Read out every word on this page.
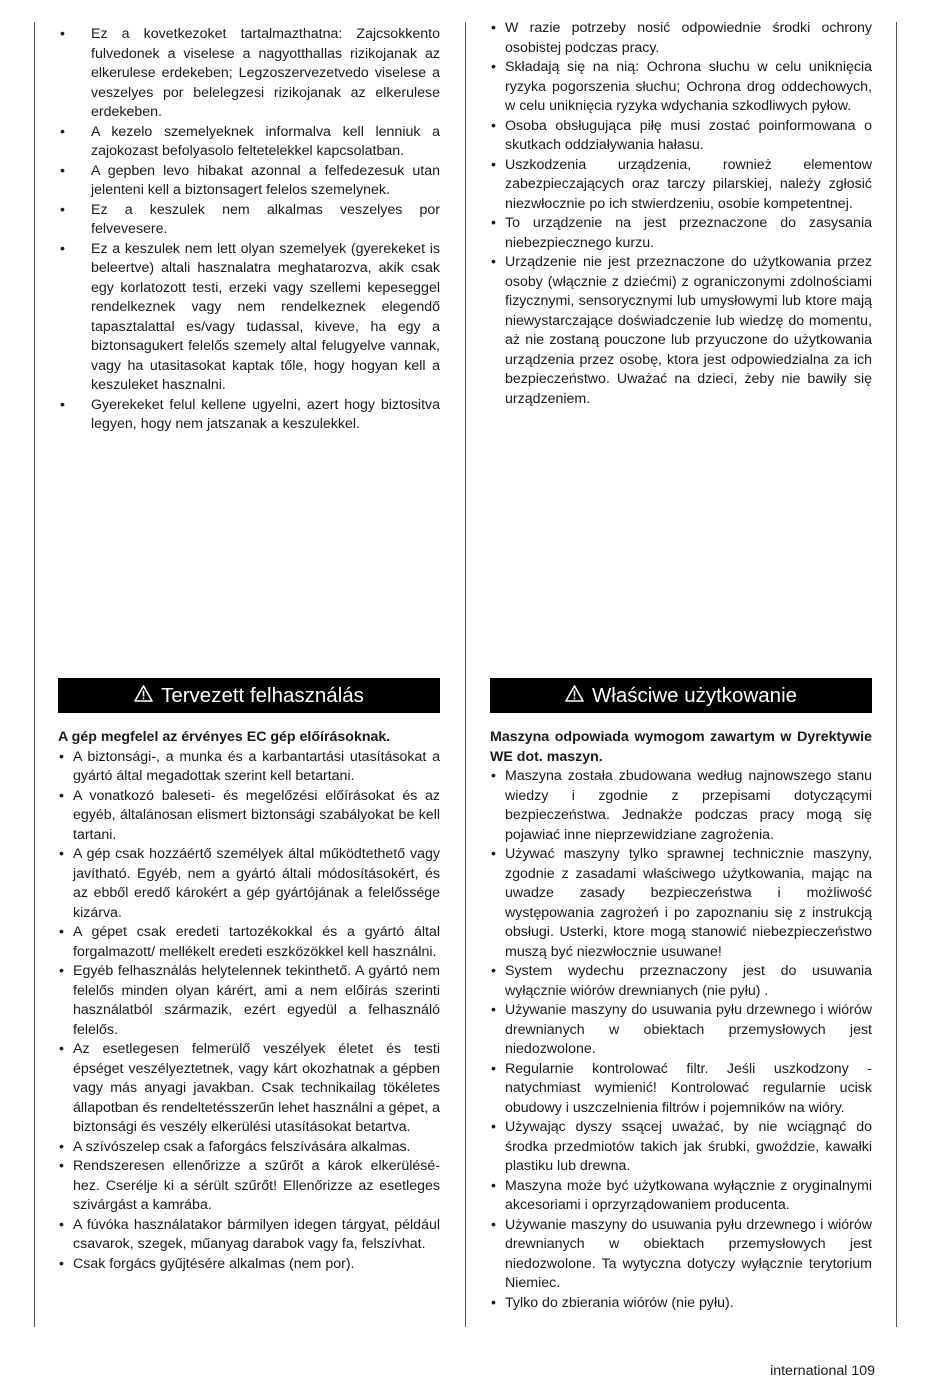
• Ez a kovetkezoket tartalmazthatna: Zajcsokkento fulvedonek a viselese a nagyotthallas rizikojanak az elkerulese erdekeben; Legzoszervezetvedo viselese a veszelyes por belelegzesi rizikojanak az elkerulese erdekeben.
• A kezelo szemelyeknek informalva kell lenniuk a zajokozast befolyasolo feltetelekkel kapcsolatban.
• A gepben levo hibakat azonnal a felfedezesuk utan jelenteni kell a biztonsagert felelos szemelynek.
• Ez a keszulek nem alkalmas veszelyes por felvevesere.
• Ez a keszulek nem lett olyan szemelyek (gyerekeket is beleertve) altali hasznalatra meghatarozva, akik csak egy korlatozott testi, erzeki vagy szellemi kepeseggel rendelkeznek vagy nem rendelkeznek elegendő tapasztalattal es/vagy tudassal, kiveve, ha egy a biztonsagukert felelős szemely altal felugyelve vannak, vagy ha utasitasokat kaptak tőle, hogy hogyan kell a keszuleket hasznalni.
• Gyerekeket felul kellene ugyelni, azert hogy biztositva legyen, hogy nem jatszanak a keszulekkel.
• W razie potrzeby nosić odpowiednie środki ochrony osobistej podczas pracy.
• Składają się na nią: Ochrona słuchu w celu uniknięcia ryzyka pogorszenia słuchu; Ochrona drog oddechowych, w celu uniknięcia ryzyka wdychania szkodliwych pyłow.
• Osoba obsługująca piłę musi zostać poinformowana o skutkach oddziaływania hałasu.
• Uszkodzenia urządzenia, rownież elementow zabezpieczających oraz tarczy pilarskiej, należy zgłosić niezwłocznie po ich stwierdzeniu, osobie kompetentnej.
• To urządzenie na jest przeznaczone do zasysania niebezpiecznego kurzu.
• Urządzenie nie jest przeznaczone do użytkowania przez osoby (włącznie z dziećmi) z ograniczonymi zdolnościami fizycznymi, sensorycznymi lub umysłowymi lub ktore mają niewystarczające doświadczenie lub wiedzę do momentu, aż nie zostaną pouczone lub przyuczone do użytkowania urządzenia przez osobę, ktora jest odpowiedzialna za ich bezpieczeństwo. Uważać na dzieci, żeby nie bawiły się urządzeniem.
Tervezett felhasználás	Właściwe użytkowanie

A gép megfelel az érvényes EC gép előírásoknak.

• A biztonsági-, a munka és a karbantartási utasításokat a gyártó által megadottak szerint kell betartani.
• A vonatkozó baleseti- és megelőzési előírásokat és az egyéb, általánosan elismert biztonsági szabályokat be kell tartani.
• A gép csak hozzáértő személyek által működtethető vagy javítható. Egyéb, nem a gyártó általi módosításokért, és az ebből eredő károkért a gép gyártójának a felelőssége kizárva.
• A gépet csak eredeti tartozékokkal és a gyártó által forgalmazott/ mellékelt eredeti eszközökkel kell használni.
• Egyéb felhasználás helytelennek tekinthető. A gyártó nem felelős minden olyan kárért, ami a nem előírás szerinti használatból származik, ezért egyedül a felhasználó felelős.
• Az esetlegesen felmerülő veszélyek életet és testi épséget veszélyeztetnek, vagy kárt okozhatnak a gépben vagy más anyagi javakban. Csak technikailag tökéletes állapotban és rendeltetésszerűn lehet használni a gépet, a biztonsági és veszély elkerülési utasításokat betartva.
• A szívószelep csak a faforgács felszívására alkalmas.
• Rendszeresen ellenőrizze a szűrőt a károk elkerülésé- hez. Cserélje ki a sérült szűrőt! Ellenőrizze az esetleges szivárgást a kamrába.
• A fúvóka használatakor bármilyen idegen tárgyat, például csavarok, szegek, műanyag darabok vagy fa, felszívhat.
• Csak forgács gyűjtésére alkalmas (nem por).

Maszyna odpowiada wymogom zawartym w Dyrektywie WE dot. maszyn.

• Maszyna została zbudowana według najnowszego stanu wiedzy i zgodnie z przepisami dotyczącymi bezpieczeństwa. Jednakże podczas pracy mogą się pojawiać inne nieprzewidziane zagrożenia.
• Używać maszyny tylko sprawnej technicznie maszyny, zgodnie z zasadami właściwego użytkowania, mając na uwadze zasady bezpieczeństwa i możliwość występowania zagrożeń i po zapoznaniu się z instrukcją obsługi. Usterki, ktore mogą stanowić niebezpieczeństwo muszą być niezwłocznie usuwane!
• System wydechu przeznaczony jest do usuwania wyłącznie wiórów drewnianych (nie pyłu) .
• Używanie maszyny do usuwania pyłu drzewnego i wiórów drewnianych w obiektach przemysłowych jest niedozwolone.
• Regularnie kontrolować filtr. Jeśli uszkodzony - natychmiast wymienić! Kontrolować regularnie ucisk obudowy i uszczelnienia filtrów i pojemników na wióry.
• Używając dyszy ssącej uważać, by nie wciągnąć do środka przedmiotów takich jak śrubki, gwoździe, kawałki plastiku lub drewna.
• Maszyna może być użytkowana wyłącznie z oryginalnymi akcesoriami i oprzyrządowaniem producenta.
• Używanie maszyny do usuwania pyłu drzewnego i wiórów drewnianych w obiektach przemysłowych jest niedozwolone. Ta wytyczna dotyczy wyłącznie terytorium Niemiec.
• Tylko do zbierania wiórów (nie pyłu).
international 109
